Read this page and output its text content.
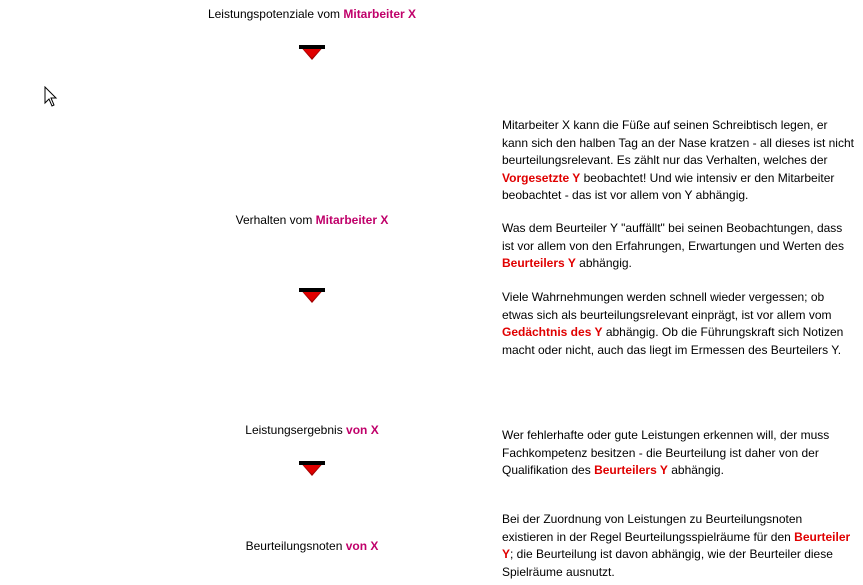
Leistungspotenziale vom Mitarbeiter X
Verhalten vom Mitarbeiter X
Leistungsergebnis von X
Beurteilungsnoten von X
Mitarbeiter X kann die Füße auf seinen Schreibtisch legen, er kann sich den halben Tag an der Nase kratzen - all dieses ist nicht beurteilungsrelevant. Es zählt nur das Verhalten, welches der Vorgesetzte Y beobachtet! Und wie intensiv er den Mitarbeiter beobachtet - das ist vor allem von Y abhängig.
Was dem Beurteiler Y "auffällt" bei seinen Beobachtungen, dass ist vor allem von den Erfahrungen, Erwartungen und Werten des Beurteilers Y abhängig.
Viele Wahrnehmungen werden schnell wieder vergessen; ob etwas sich als beurteilungsrelevant einprägt, ist vor allem vom Gedächtnis des Y abhängig. Ob die Führungskraft sich Notizen macht oder nicht, auch das liegt im Ermessen des Beurteilers Y.
Wer fehlerhafte oder gute Leistungen erkennen will, der muss Fachkompetenz besitzen - die Beurteilung ist daher von der Qualifikation des Beurteilers Y abhängig.
Bei der Zuordnung von Leistungen zu Beurteilungsnoten existieren in der Regel Beurteilungsspielräume für den Beurteiler Y; die Beurteilung ist davon abhängig, wie der Beurteiler diese Spielräume ausnutzt.
